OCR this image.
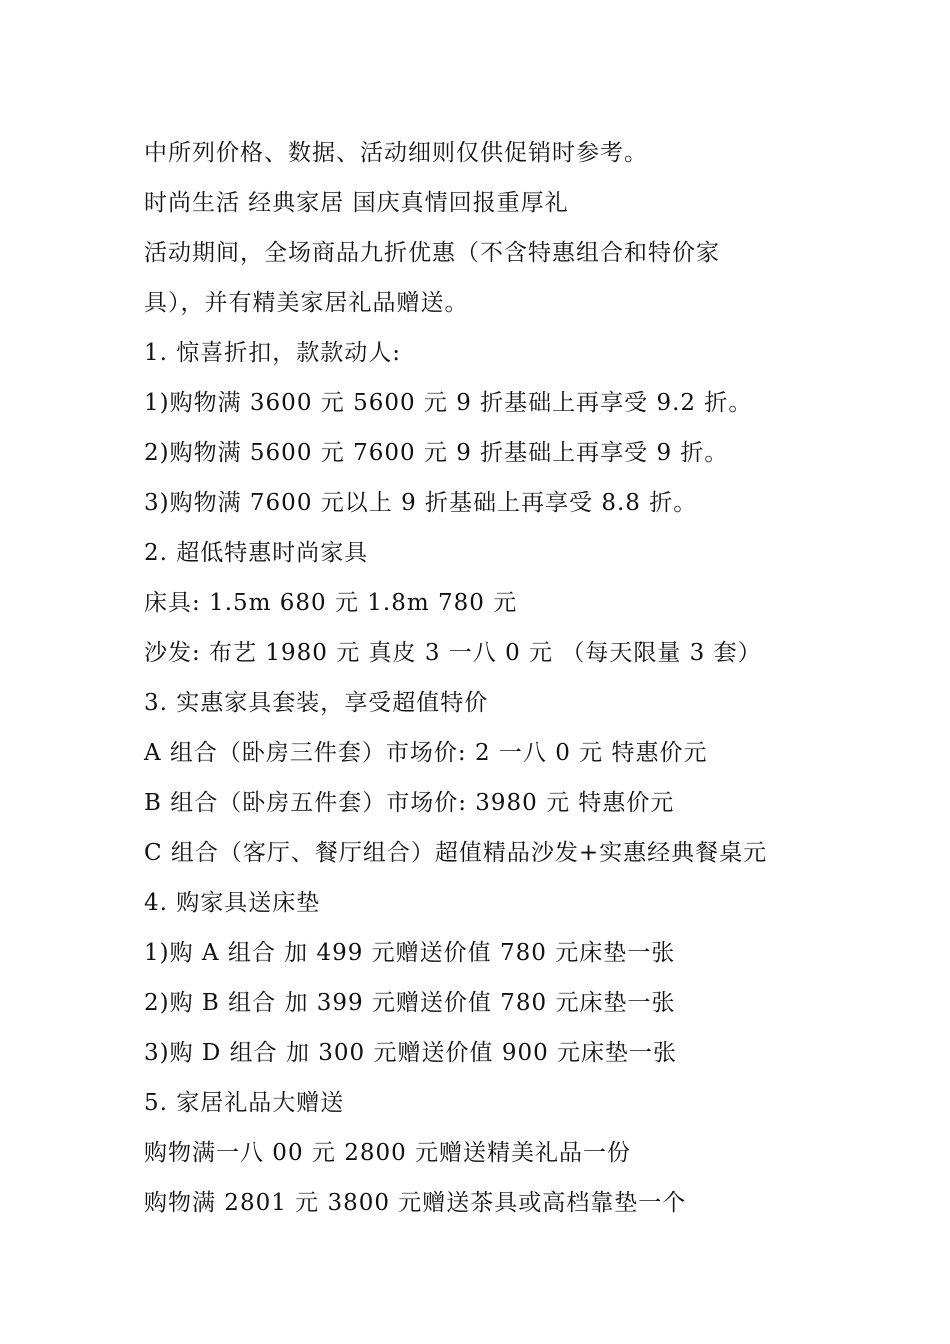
中所列价格、数据、活动细则仅供促销时参考。
时尚生活 经典家居 国庆真情回报重厚礼
活动期间，全场商品九折优惠（不含特惠组合和特价家
具），并有精美家居礼品赠送。
1. 惊喜折扣，款款动人:
1)购物满 3600 元 5600 元 9 折基础上再享受 9.2 折。
2)购物满 5600 元 7600 元 9 折基础上再享受 9 折。
3)购物满 7600 元以上 9 折基础上再享受 8.8 折。
2. 超低特惠时尚家具
床具: 1.5m 680 元 1.8m 780 元
沙发: 布艺 1980 元 真皮 3 一八 0 元 （每天限量 3 套）
3. 实惠家具套装，享受超值特价
A 组合（卧房三件套）市场价: 2 一八 0 元 特惠价元
B 组合（卧房五件套）市场价: 3980 元 特惠价元
C 组合（客厅、餐厅组合）超值精品沙发+实惠经典餐桌元
4. 购家具送床垫
1)购 A 组合 加 499 元赠送价值 780 元床垫一张
2)购 B 组合 加 399 元赠送价值 780 元床垫一张
3)购 D 组合 加 300 元赠送价值 900 元床垫一张
5. 家居礼品大赠送
购物满一八 00 元 2800 元赠送精美礼品一份
购物满 2801 元 3800 元赠送茶具或高档靠垫一个
